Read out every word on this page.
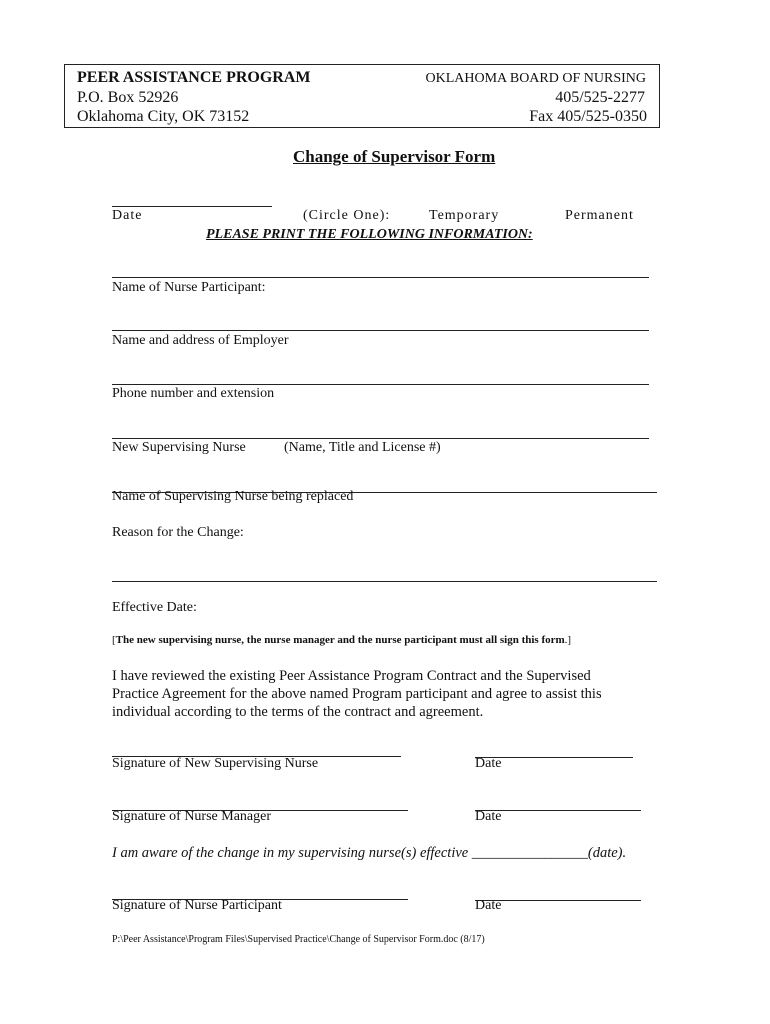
PEER ASSISTANCE PROGRAM
P.O. Box 52926
Oklahoma City, OK 73152
OKLAHOMA BOARD OF NURSING
405/525-2277
Fax 405/525-0350
Change of Supervisor Form
Date	(Circle One):	Temporary	Permanent
PLEASE PRINT THE FOLLOWING INFORMATION:
Name of Nurse Participant:
Name and address of Employer
Phone number and extension
New Supervising Nurse	(Name, Title and License #)
Name of Supervising Nurse being replaced
Reason for the Change:
Effective Date:
[The new supervising nurse, the nurse manager and the nurse participant must all sign this form.]
I have reviewed the existing Peer Assistance Program Contract and the Supervised
Practice Agreement for the above named Program participant and agree to assist this
individual according to the terms of the contract and agreement.
Signature of New Supervising Nurse	Date
Signature of Nurse Manager	Date
I am aware of the change in my supervising nurse(s) effective ________________(date).
Signature of Nurse Participant	Date
P:\Peer Assistance\Program Files\Supervised Practice\Change of Supervisor Form.doc (8/17)
